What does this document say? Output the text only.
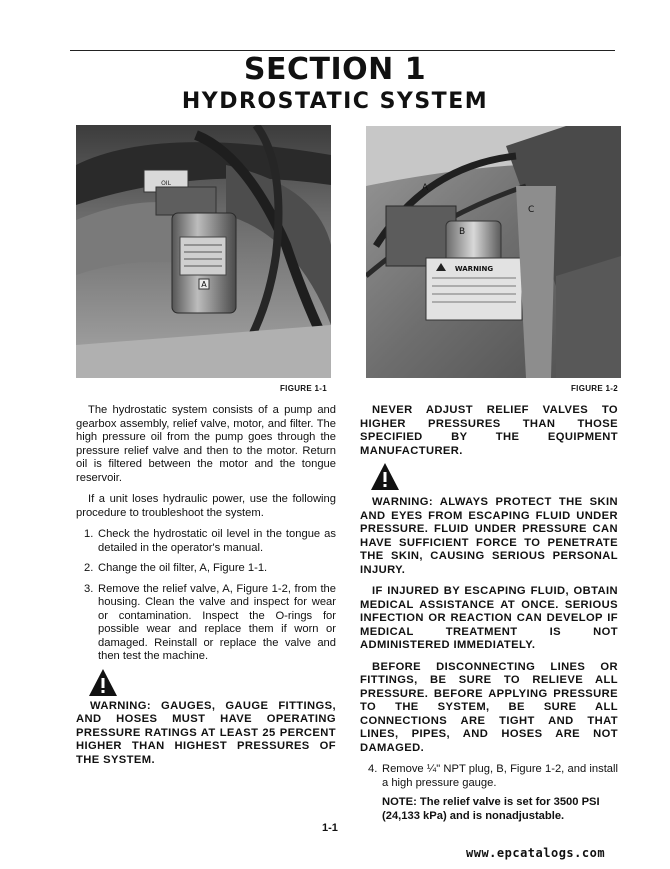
SECTION 1
HYDROSTATIC SYSTEM
OIL
A
FIGURE 1-1
WARNING
A
B
C
FIGURE 1-2

The hydrostatic system consists of a pump and gearbox assembly, relief valve, motor, and filter. The high pressure oil from the pump goes through the pressure relief valve and then to the motor. Return oil is filtered between the motor and the tongue reservoir.

If a unit loses hydraulic power, use the following procedure to troubleshoot the system.

1. Check the hydrostatic oil level in the tongue as detailed in the operator's manual.

2. Change the oil filter, A, Figure 1-1.

3. Remove the relief valve, A, Figure 1-2, from the housing. Clean the valve and inspect for wear or contamination. Inspect the O-rings for possible wear and replace them if worn or damaged. Reinstall or replace the valve and then test the machine.

WARNING: GAUGES, GAUGE FITTINGS, AND HOSES MUST HAVE OPERATING PRESSURE RATINGS AT LEAST 25 PERCENT HIGHER THAN HIGHEST PRESSURES OF THE SYSTEM.

NEVER ADJUST RELIEF VALVES TO HIGHER PRESSURES THAN THOSE SPECIFIED BY THE EQUIPMENT MANUFACTURER.

WARNING: ALWAYS PROTECT THE SKIN AND EYES FROM ESCAPING FLUID UNDER PRESSURE. FLUID UNDER PRESSURE CAN HAVE SUFFICIENT FORCE TO PENETRATE THE SKIN, CAUSING SERIOUS PERSONAL INJURY.

IF INJURED BY ESCAPING FLUID, OBTAIN MEDICAL ASSISTANCE AT ONCE. SERIOUS INFECTION OR REACTION CAN DEVELOP IF MEDICAL TREATMENT IS NOT ADMINISTERED IMMEDIATELY.

BEFORE DISCONNECTING LINES OR FITTINGS, BE SURE TO RELIEVE ALL PRESSURE. BEFORE APPLYING PRESSURE TO THE SYSTEM, BE SURE ALL CONNECTIONS ARE TIGHT AND THAT LINES, PIPES, AND HOSES ARE NOT DAMAGED.

4. Remove ¼" NPT plug, B, Figure 1-2, and install a high pressure gauge.

NOTE: The relief valve is set for 3500 PSI (24,133 kPa) and is nonadjustable.

1-1
www.epcatalogs.com
